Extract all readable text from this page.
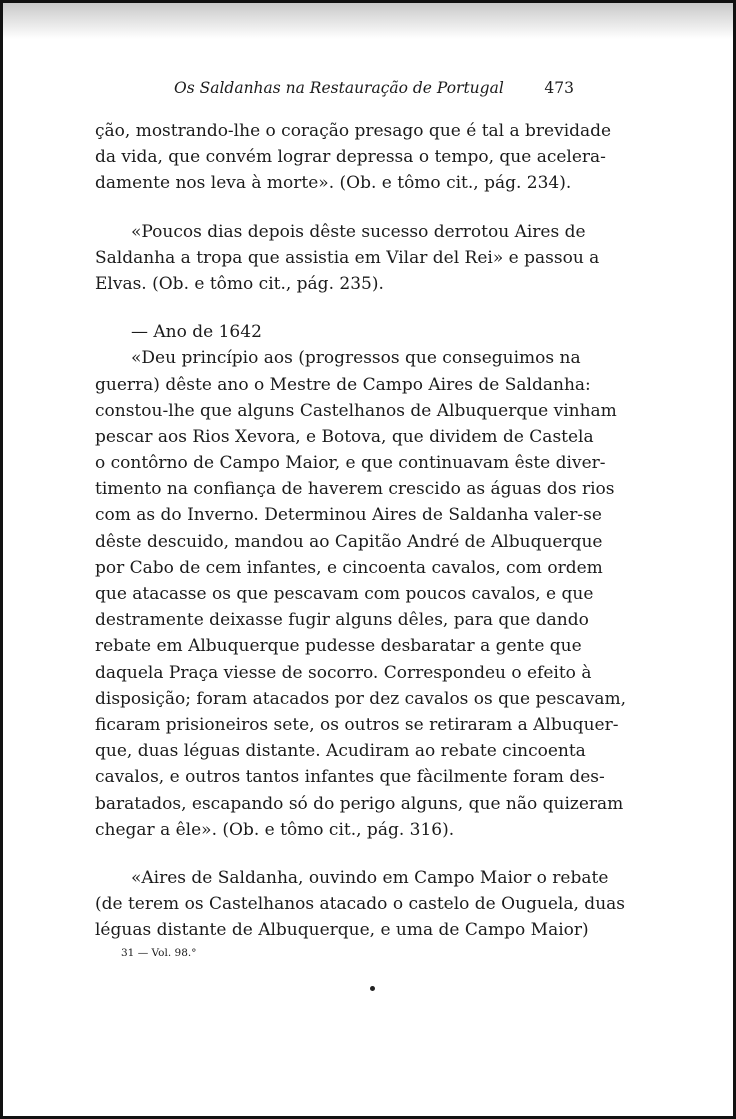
Os Saldanhas na Restauração de Portugal	473
ção, mostrando-lhe o coração presago que é tal a brevidade
da vida, que convém lograr depressa o tempo, que acelera-
damente nos leva à morte». (Ob. e tômo cit., pág. 234).
«Poucos dias depois dêste sucesso derrotou Aires de
Saldanha a tropa que assistia em Vilar del Rei» e passou a
Elvas. (Ob. e tômo cit., pág. 235).
— Ano de 1642
«Deu princípio aos (progressos que conseguimos na
guerra) dêste ano o Mestre de Campo Aires de Saldanha:
constou-lhe que alguns Castelhanos de Albuquerque vinham
pescar aos Rios Xevora, e Botova, que dividem de Castela
o contôrno de Campo Maior, e que continuavam êste diver-
timento na confiança de haverem crescido as águas dos rios
com as do Inverno. Determinou Aires de Saldanha valer-se
dêste descuido, mandou ao Capitão André de Albuquerque
por Cabo de cem infantes, e cincoenta cavalos, com ordem
que atacasse os que pescavam com poucos cavalos, e que
destramente deixasse fugir alguns dêles, para que dando
rebate em Albuquerque pudesse desbaratar a gente que
daquela Praça viesse de socorro. Correspondeu o efeito à
disposição; foram atacados por dez cavalos os que pescavam,
ficaram prisioneiros sete, os outros se retiraram a Albuquer-
que, duas léguas distante. Acudiram ao rebate cincoenta
cavalos, e outros tantos infantes que fàcilmente foram des-
baratados, escapando só do perigo alguns, que não quizeram
chegar a êle». (Ob. e tômo cit., pág. 316).
«Aires de Saldanha, ouvindo em Campo Maior o rebate
(de terem os Castelhanos atacado o castelo de Ouguela, duas
léguas distante de Albuquerque, e uma de Campo Maior)
31 — Vol. 98.°
